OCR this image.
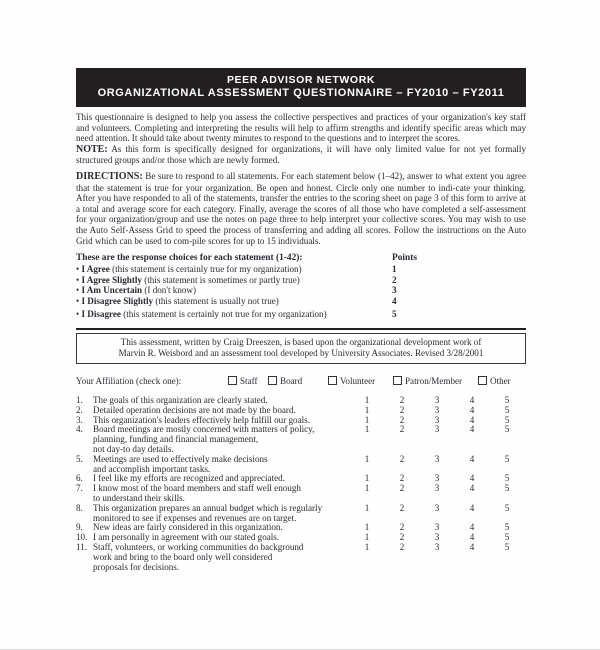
PEER ADVISOR NETWORK
ORGANIZATIONAL ASSESSMENT QUESTIONNAIRE – FY2010 – FY2011
This questionnaire is designed to help you assess the collective perspectives and practices of your organization's key staff and volunteers. Completing and interpreting the results will help to affirm strengths and identify specific areas which may need attention. It should take about twenty minutes to respond to the questions and to interpret the scores.
NOTE: As this form is specifically designed for organizations, it will have only limited value for not yet formally structured groups and/or those which are newly formed.
DIRECTIONS: Be sure to respond to all statements. For each statement below (1–42), answer to what extent you agree that the statement is true for your organization. Be open and honest. Circle only one number to indi-cate your thinking. After you have responded to all of the statements, transfer the entries to the scoring sheet on page 3 of this form to arrive at a total and average score for each category. Finally, average the scores of all those who have completed a self-assessment for your organization/group and use the notes on page three to help interpret your collective scores. You may wish to use the Auto Self-Assess Grid to speed the process of transferring and adding all scores. Follow the instructions on the Auto Grid which can be used to com-pile scores for up to 15 individuals.
These are the response choices for each statement (1-42):	Points
• I Agree (this statement is certainly true for my organization)	1
• I Agree Slightly (this statement is sometimes or partly true)	2
• I Am Uncertain (I don't know)	3
• I Disagree Slightly (this statement is usually not true)	4
• I Disagree (this statement is certainly not true for my organization)	5
This assessment, written by Craig Dreeszen, is based upon the organizational development work of
Marvin R. Weisbord and an assessment tool developed by University Associates. Revised 3/28/2001
Your Affiliation (check one):	Staff	Board	Volunteer	Patron/Member	Other
1.	The goals of this organization are clearly stated.	1	2	3	4	5
2.	Detailed operation decisions are not made by the board.	1	2	3	4	5
3.	This organization's leaders effectively help fulfill our goals.	1	2	3	4	5
4.	Board meetings are mostly concerned with matters of policy,
planning, funding and financial management,
not day-to day details.
1	2	3	4	5
5.	Meetings are used to effectively make decisions
and accomplish important tasks.
1	2	3	4	5
6.	I feel like my efforts are recognized and appreciated.	1	2	3	4	5
7.	I know most of the board members and staff well enough
to understand their skills.
1	2	3	4	5
8.	This organization prepares an annual budget which is regularly
monitored to see if expenses and revenues are on target.
1	2	3	4	5
9.	New ideas are fairly considered in this organization.	1	2	3	4	5
10. I am personally in agreement with our stated goals.	1	2	3	4	5
11. Staff, volunteers, or working communities do background
work and bring to the board only well considered
proposals for decisions.
1	2	3	4	5
